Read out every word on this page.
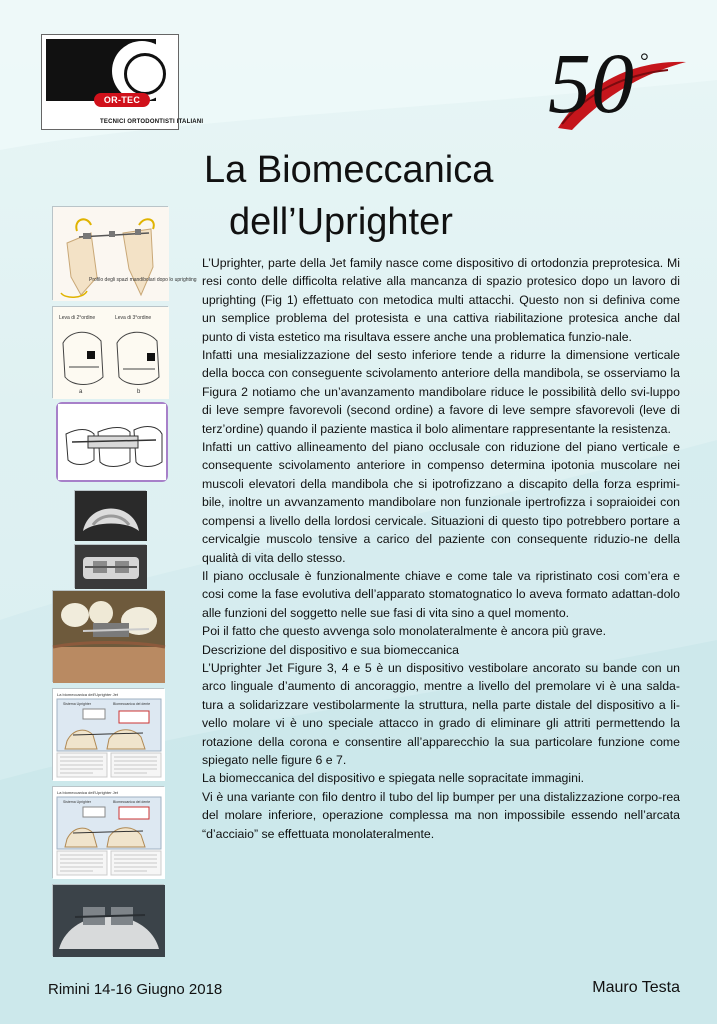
OR-TEC
TECNICI ORTODONTISTI ITALIANI	50 °
La Biomeccanica
dell’Uprighter
Profilo degli spazi mandibolari dopo lo uprighting
Leva di 2°ordine	Leva di 3°ordine
a	b
La biomeccanica dell'Uprighter Jet
Sistema Uprighter	Biomeccanica del dente
La biomeccanica dell'Uprighter Jet
Sistema Uprighter	Biomeccanica del dente

L’Uprighter, parte della Jet family nasce come dispositivo di ortodonzia preprotesica. Mi resi conto delle difficolta relative alla mancanza di spazio protesico dopo un lavoro di uprighting (Fig 1) effettuato con metodica multi attacchi. Questo non si definiva come un semplice problema del protesista e una cattiva riabilitazione protesica anche dal punto di vista estetico ma risultava essere anche una problematica funzio-nale.

Infatti una mesializzazione del sesto inferiore tende a ridurre la dimensione verticale della bocca con conseguente scivolamento anteriore della mandibola, se osserviamo la Figura 2 notiamo che un’avanzamento mandibolare riduce le possibilità dello svi-luppo di leve sempre favorevoli (second ordine) a favore di leve sempre sfavorevoli (leve di terz’ordine) quando il paziente mastica il bolo alimentare rappresentante la resistenza.

Infatti un cattivo allineamento del piano occlusale con riduzione del piano verticale e consequente scivolamento anteriore in compenso determina ipotonia muscolare nei muscoli elevatori della mandibola che si ipotrofizzano a discapito della forza esprimi-bile, inoltre un avvanzamento mandibolare non funzionale ipertrofizza i sopraioidei con compensi a livello della lordosi cervicale. Situazioni di questo tipo potrebbero portare a cervicalgie muscolo tensive a carico del paziente con consequente riduzio-ne della qualità di vita dello stesso.

Il piano occlusale è funzionalmente chiave e come tale va ripristinato cosi com’era e cosi come la fase evolutiva dell’apparato stomatognatico lo aveva formato adattan-dolo alle funzioni del soggetto nelle sue fasi di vita sino a quel momento.

Poi il fatto che questo avvenga solo monolateralmente è ancora più grave.

Descrizione del dispositivo e sua biomeccanica

L’Uprighter Jet Figure 3, 4 e 5 è un dispositivo vestibolare ancorato su bande con un arco linguale d’aumento di ancoraggio, mentre a livello del premolare vi è una salda-tura a solidarizzare vestibolarmente la struttura, nella parte distale del dispositivo a li-vello molare vi è uno speciale attacco in grado di eliminare gli attriti permettendo la rotazione della corona e consentire all’apparecchio la sua particolare funzione come spiegato nelle figure 6 e 7.

La biomeccanica del dispositivo e spiegata nelle sopracitate immagini.

Vi è una variante con filo dentro il tubo del lip bumper per una distalizzazione corpo-rea del molare inferiore, operazione complessa ma non impossibile essendo nell’arcata “d’acciaio” se effettuata monolateralmente.

Rimini 14-16 Giugno 2018	Mauro Testa
